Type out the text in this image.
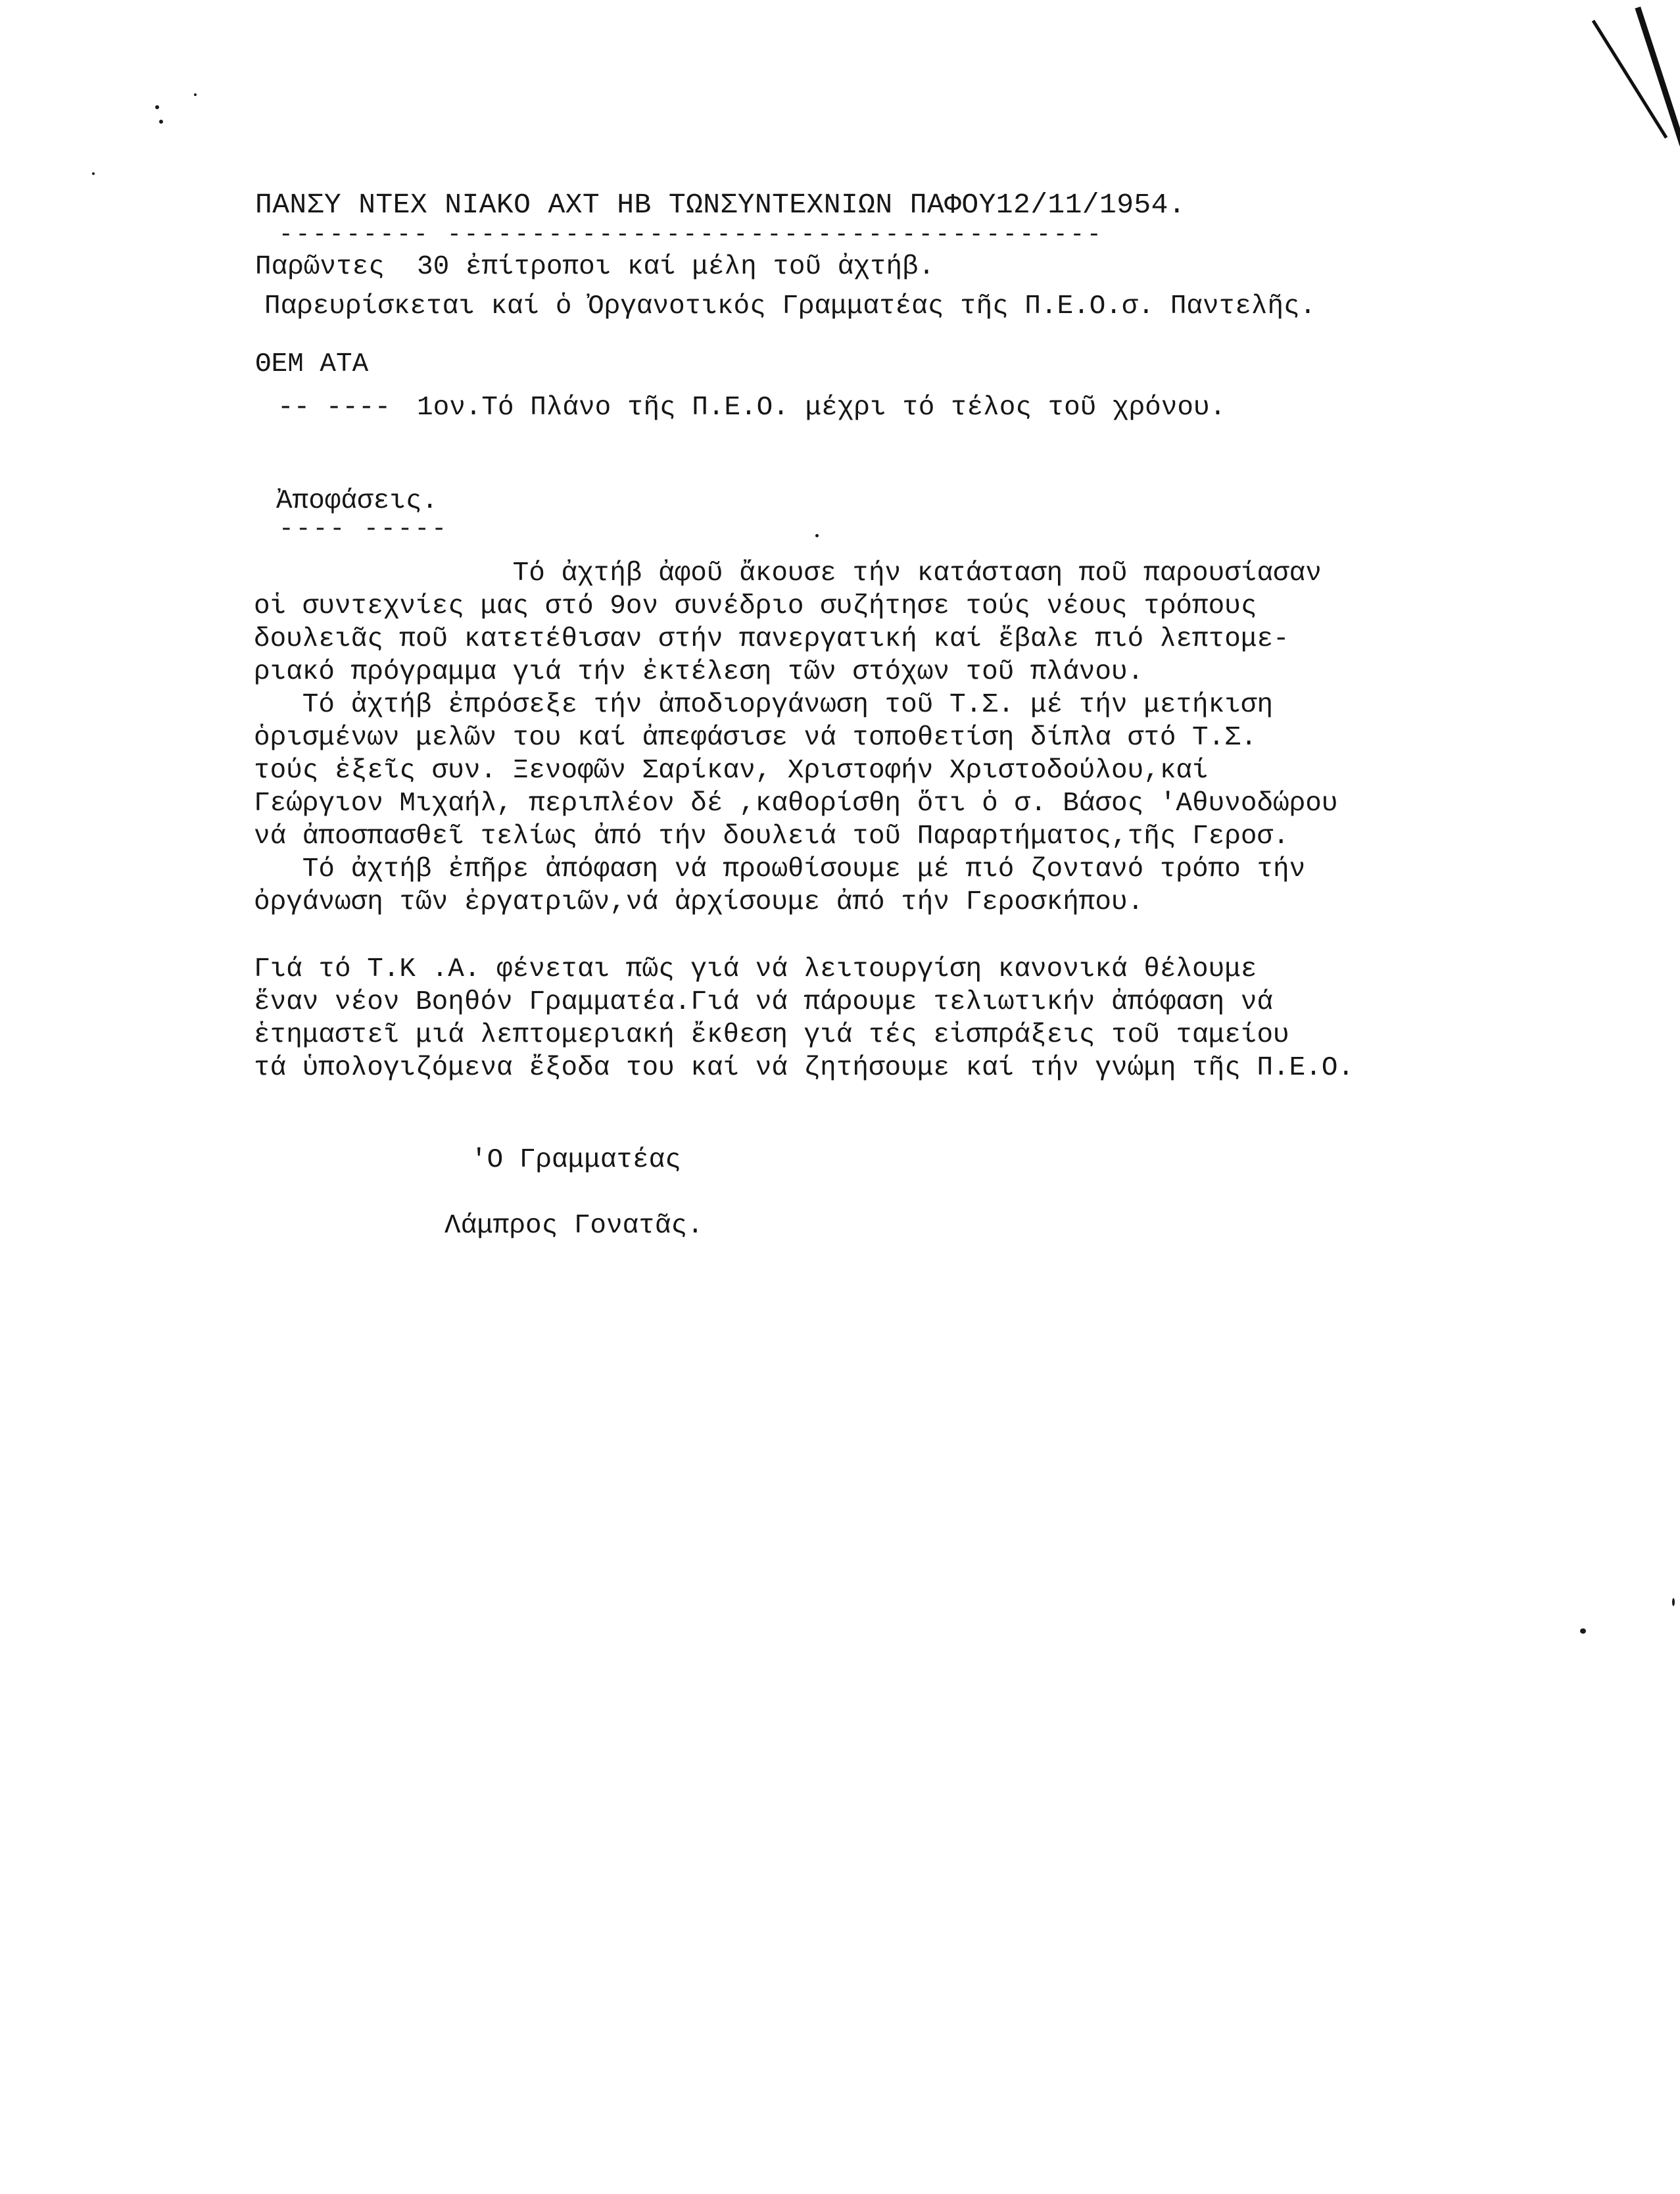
ΠΑΝΣΥ ΝΤΕΧ ΝΙΑΚΟ ΑΧΤ ΗΒ ΤΩΝΣΥΝΤΕΧΝΙΩΝ ΠΑΦΟΥ12/11/1954.
--------- ---------------------------------------
Παρῶντες  30 ἐπίτροποι καί μέλη τοῦ ἀχτήβ.
Παρευρίσκεται καί ὁ Ὀργανοτικός Γραμματέας τῆς Π.Ε.Ο.σ. Παντελῆς.
ΘΕΜ ΑΤΑ
-- ---- 1ον.Τό Πλάνο τῆς Π.Ε.Ο. μέχρι τό τέλος τοῦ χρόνου.
Ἀποφάσεις.
---- -----
Τό ἀχτήβ ἀφοῦ ἄκουσε τήν κατάσταση ποῦ παρουσίασαν
οἱ συντεχνίες μας στό 9ον συνέδριο συζήτησε τούς νέους τρόπους
δουλειᾶς ποῦ κατετέθισαν στήν πανεργατική καί ἔβαλε πιό λεπτομε-
ριακό πρόγραμμα γιά τήν ἐκτέλεση τῶν στόχων τοῦ πλάνου.
Τό ἀχτήβ ἐπρόσεξε τήν ἀποδιοργάνωση τοῦ Τ.Σ. μέ τήν μετήκιση
ὁρισμένων μελῶν του καί ἀπεφάσισε νά τοποθετίση δίπλα στό Τ.Σ.
τούς ἑξεῖς συν. Ξενοφῶν Σαρίκαν, Χριστοφήν Χριστοδούλου,καί
Γεώργιον Μιχαήλ, περιπλέον δέ ,καθορίσθη ὅτι ὁ σ. Βάσος 'Αθυνοδώρου
νά ἀποσπασθεῖ τελίως ἀπό τήν δουλειά τοῦ Παραρτήματος,τῆς Γεροσ.
Τό ἀχτήβ ἐπῆρε ἀπόφαση νά προωθίσουμε μέ πιό ζοντανό τρόπο τήν
ὀργάνωση τῶν ἐργατριῶν,νά ἀρχίσουμε ἀπό τήν Γεροσκήπου.
Γιά τό Τ.Κ .Α. φένεται πῶς γιά νά λειτουργίση κανονικά θέλουμε
ἕναν νέον Βοηθόν Γραμματέα.Γιά νά πάρουμε τελιωτικήν ἀπόφαση νά
ἑτημαστεῖ μιά λεπτομεριακή ἔκθεση γιά τές εἰσπράξεις τοῦ ταμείου
τά ὑπολογιζόμενα ἔξοδα του καί νά ζητήσουμε καί τήν γνώμη τῆς Π.Ε.Ο.
'Ο Γραμματέας
Λάμπρος Γονατᾶς.
